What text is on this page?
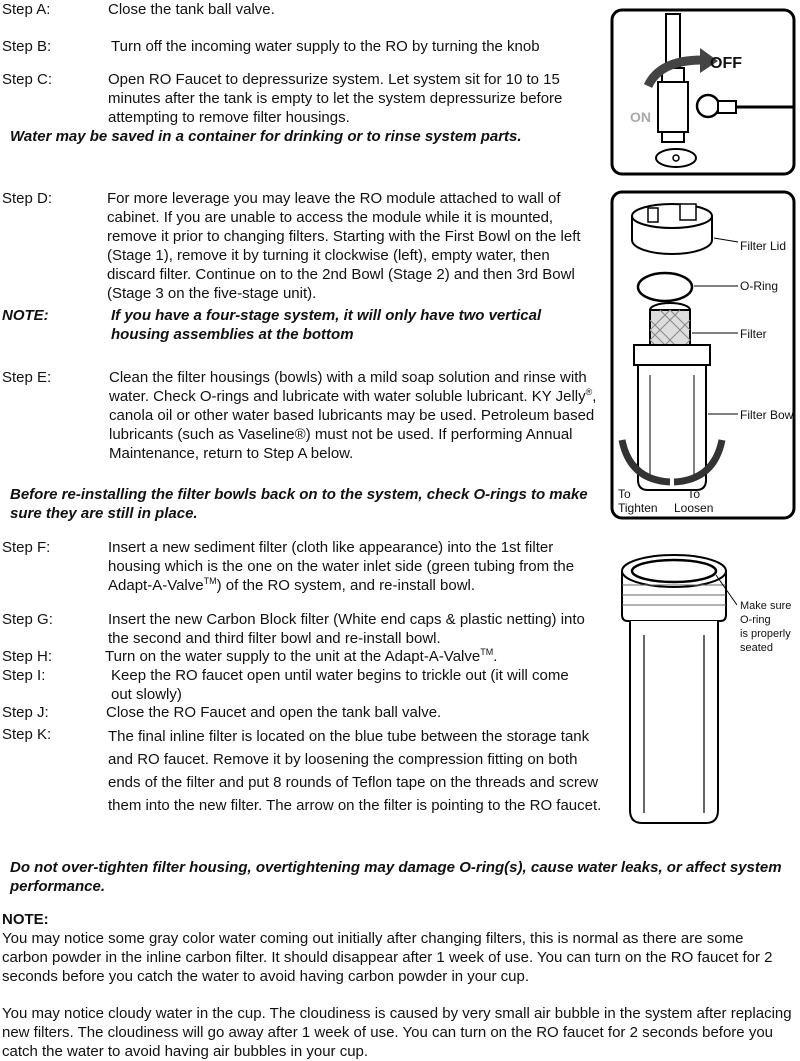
Step A:	Close the tank ball valve.
Step B:	Turn off the incoming water supply to the RO by turning the knob
Step C:	Open RO Faucet to depressurize system. Let system sit for 10 to 15 minutes after the tank is empty to let the system depressurize before attempting to remove filter housings.
Water may be saved in a container for drinking or to rinse system parts.
Step D:	For more leverage you may leave the RO module attached to wall of cabinet. If you are unable to access the module while it is mounted, remove it prior to changing filters. Starting with the First Bowl on the left (Stage 1), remove it by turning it clockwise (left), empty water, then discard filter. Continue on to the 2nd Bowl (Stage 2) and then 3rd Bowl (Stage 3 on the five-stage unit).
NOTE:	If you have a four-stage system, it will only have two vertical housing assemblies at the bottom
Step E:	Clean the filter housings (bowls) with a mild soap solution and rinse with water. Check O-rings and lubricate with water soluble lubricant. KY Jelly®, canola oil or other water based lubricants may be used. Petroleum based lubricants (such as Vaseline®) must not be used. If performing Annual Maintenance, return to Step A below.
Before re-installing the filter bowls back on to the system, check O-rings to make sure they are still in place.
Step F:	Insert a new sediment filter (cloth like appearance) into the 1st filter housing which is the one on the water inlet side (green tubing from the Adapt-A-Valve™) of the RO system, and re-install bowl.
Step G:	Insert the new Carbon Block filter (White end caps & plastic netting) into the second and third filter bowl and re-install bowl.
Step H:	Turn on the water supply to the unit at the Adapt-A-Valve™.
Step I:	Keep the RO faucet open until water begins to trickle out (it will come out slowly)
Step J:	Close the RO Faucet and open the tank ball valve.
Step K:	The final inline filter is located on the blue tube between the storage tank and RO faucet. Remove it by loosening the compression fitting on both ends of the filter and put 8 rounds of Teflon tape on the threads and screw them into the new filter. The arrow on the filter is pointing to the RO faucet.
Do not over-tighten filter housing, overtightening may damage O-ring(s), cause water leaks, or affect system performance.
NOTE:
You may notice some gray color water coming out initially after changing filters, this is normal as there are some carbon powder in the inline carbon filter. It should disappear after 1 week of use. You can turn on the RO faucet for 2 seconds before you catch the water to avoid having carbon powder in your cup.
You may notice cloudy water in the cup. The cloudiness is caused by very small air bubble in the system after replacing new filters. The cloudiness will go away after 1 week of use. You can turn on the RO faucet for 2 seconds before you catch the water to avoid having air bubbles in your cup.
OFF
ON
Filter Lid
O-Ring
Filter
Filter Bowl
To
Tighten
To
Loosen
Make sure
O-ring
is properly
seated
